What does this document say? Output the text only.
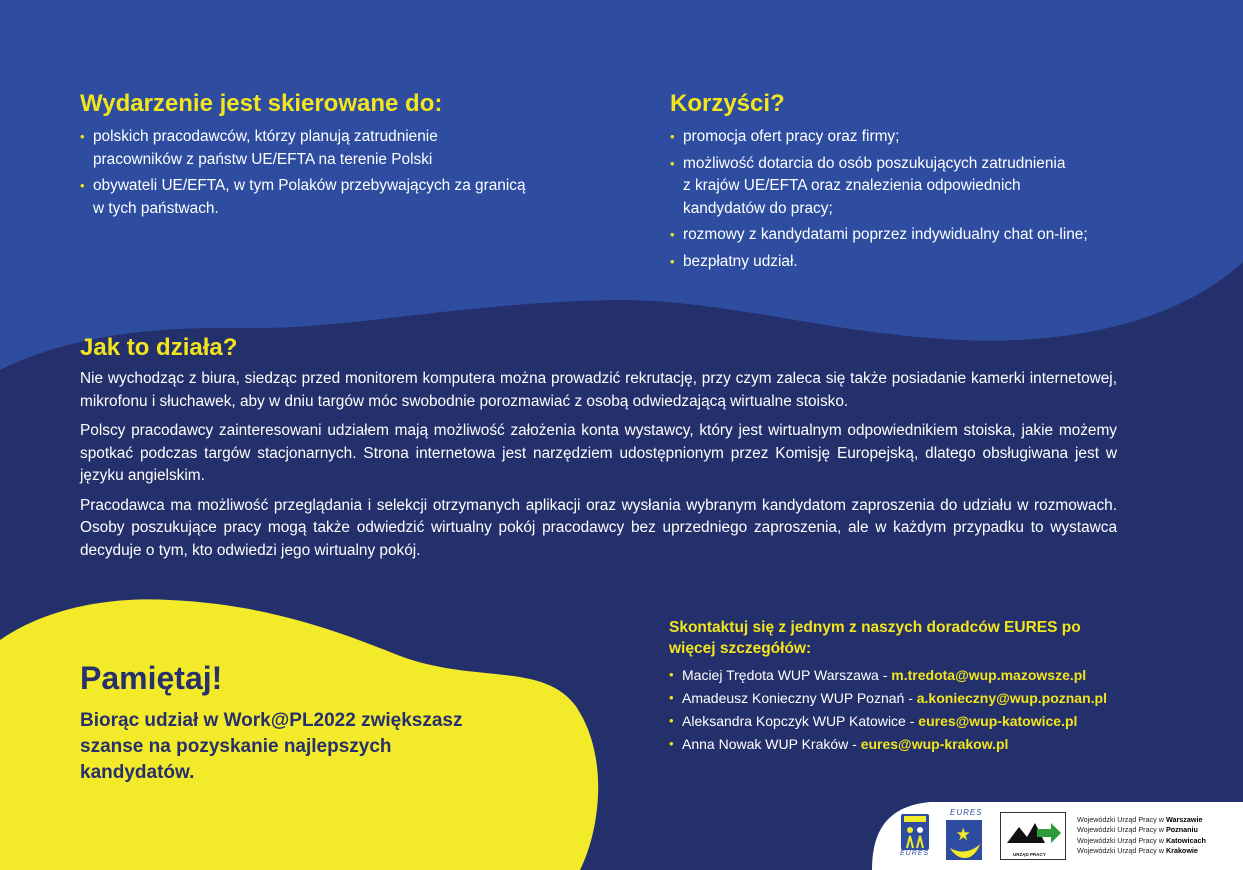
Wydarzenie jest skierowane do:
• polskich pracodawców, którzy planują zatrudnienie pracowników z państw UE/EFTA na terenie Polski
• obywateli UE/EFTA, w tym Polaków przebywających za granicą w tych państwach.
Korzyści?
• promocja ofert pracy oraz firmy;
• możliwość dotarcia do osób poszukujących zatrudnienia z krajów UE/EFTA oraz znalezienia odpowiednich kandydatów do pracy;
• rozmowy z kandydatami poprzez indywidualny chat on-line;
• bezpłatny udział.
Jak to działa?

Nie wychodząc z biura, siedząc przed monitorem komputera można prowadzić rekrutację, przy czym zaleca się także posiadanie kamerki internetowej, mikrofonu i słuchawek, aby w dniu targów móc swobodnie porozmawiać z osobą odwiedzającą wirtualne stoisko.

Polscy pracodawcy zainteresowani udziałem mają możliwość założenia konta wystawcy, który jest wirtualnym odpowiednikiem stoiska, jakie możemy spotkać podczas targów stacjonarnych. Strona internetowa jest narzędziem udostępnionym przez Komisję Europejską, dlatego obsługiwana jest w języku angielskim.

Pracodawca ma możliwość przeglądania i selekcji otrzymanych aplikacji oraz wysłania wybranym kandydatom zaproszenia do udziału w rozmowach. Osoby poszukujące pracy mogą także odwiedzić wirtualny pokój pracodawcy bez uprzedniego zaproszenia, ale w każdym przypadku to wystawca decyduje o tym, kto odwiedzi jego wirtualny pokój.

Pamiętaj!
Biorąc udział w Work@PL2022 zwiększasz szanse na pozyskanie najlepszych kandydatów.
Skontaktuj się z jednym z naszych doradców EURES po więcej szczegółów:
• Maciej Trędota WUP Warszawa - m.tredota@wup.mazowsze.pl
• Amadeusz Konieczny WUP Poznań - a.konieczny@wup.poznan.pl
• Aleksandra Kopczyk WUP Katowice - eures@wup-katowice.pl
• Anna Nowak WUP Kraków - eures@wup-krakow.pl
EURES
EURES
URZĄD PRACY
Wojewódzki Urząd Pracy w Warszawie
Wojewódzki Urząd Pracy w Poznaniu
Wojewódzki Urząd Pracy w Katowicach
Wojewódzki Urząd Pracy w Krakowie
